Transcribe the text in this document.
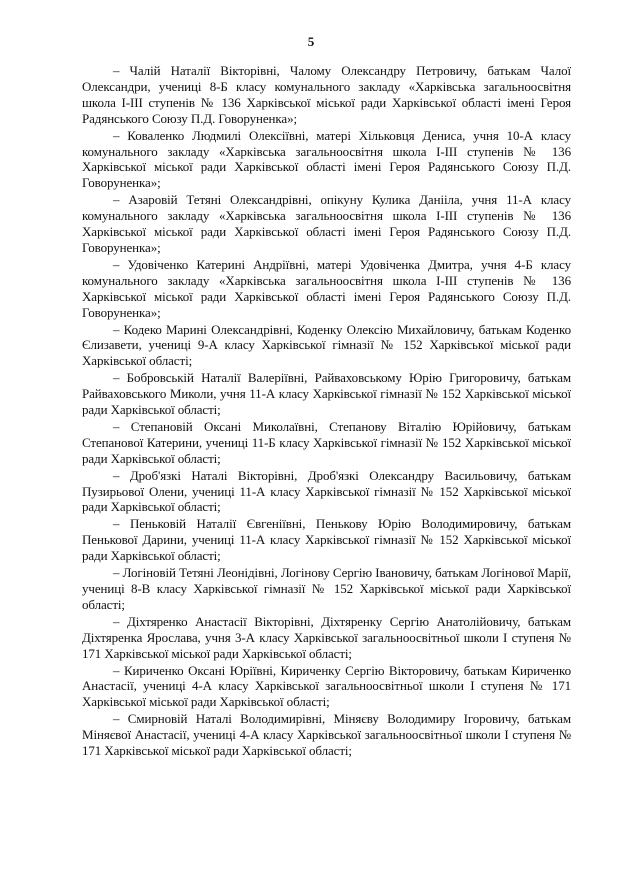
5

– Чалій Наталії Вікторівні, Чалому Олександру Петровичу, батькам Чалої Олександри, учениці 8-Б класу комунального закладу «Харківська загальноосвітня школа І-ІІІ ступенів № 136 Харківської міської ради Харківської області імені Героя Радянського Союзу П.Д. Говоруненка»;

– Коваленко Людмилі Олексіївні, матері Хільковця Дениса, учня 10-А класу комунального закладу «Харківська загальноосвітня школа І-ІІІ ступенів № 136 Харківської міської ради Харківської області імені Героя Радянського Союзу П.Д. Говоруненка»;

– Азаровій Тетяні Олександрівні, опікуну Кулика Данііла, учня 11-А класу комунального закладу «Харківська загальноосвітня школа І-ІІІ ступенів № 136 Харківської міської ради Харківської області імені Героя Радянського Союзу П.Д. Говоруненка»;

– Удовіченко Катерині Андріївні, матері Удовіченка Дмитра, учня 4-Б класу комунального закладу «Харківська загальноосвітня школа І-ІІІ ступенів № 136 Харківської міської ради Харківської області імені Героя Радянського Союзу П.Д. Говоруненка»;

– Кодеко Марині Олександрівні, Коденку Олексію Михайловичу, батькам Коденко Єлизавети, учениці 9-А класу Харківської гімназії № 152 Харківської міської ради Харківської області;

– Бобровській Наталії Валеріївні, Райваховському Юрію Григоровичу, батькам Райваховського Миколи, учня 11-А класу Харківської гімназії № 152 Харківської міської ради Харківської області;

– Степановій Оксані Миколаївні, Степанову Віталію Юрійовичу, батькам Степанової Катерини, учениці 11-Б класу Харківської гімназії № 152 Харківської міської ради Харківської області;

– Дроб'язкі Наталі Вікторівні, Дроб'язкі Олександру Васильовичу, батькам Пузирьової Олени, учениці 11-А класу Харківської гімназії № 152 Харківської міської ради Харківської області;

– Пеньковій Наталії Євгеніївні, Пенькову Юрію Володимировичу, батькам Пенькової Дарини, учениці 11-А класу Харківської гімназії № 152 Харківської міської ради Харківської області;

– Логіновій Тетяні Леонідівні, Логінову Сергію Івановичу, батькам Логінової Марії, учениці 8-В класу Харківської гімназії № 152 Харківської міської ради Харківської області;

– Діхтяренко Анастасії Вікторівні, Діхтяренку Сергію Анатолійовичу, батькам Діхтяренка Ярослава, учня 3-А класу Харківської загальноосвітньої школи І ступеня № 171 Харківської міської ради Харківської області;

– Кириченко Оксані Юріївні, Кириченку Сергію Вікторовичу, батькам Кириченко Анастасії, учениці 4-А класу Харківської загальноосвітньої школи І ступеня № 171 Харківської міської ради Харківської області;

– Смирновій Наталі Володимирівні, Міняєву Володимиру Ігоровичу, батькам Міняєвої Анастасії, учениці 4-А класу Харківської загальноосвітньої школи І ступеня № 171 Харківської міської ради Харківської області;
